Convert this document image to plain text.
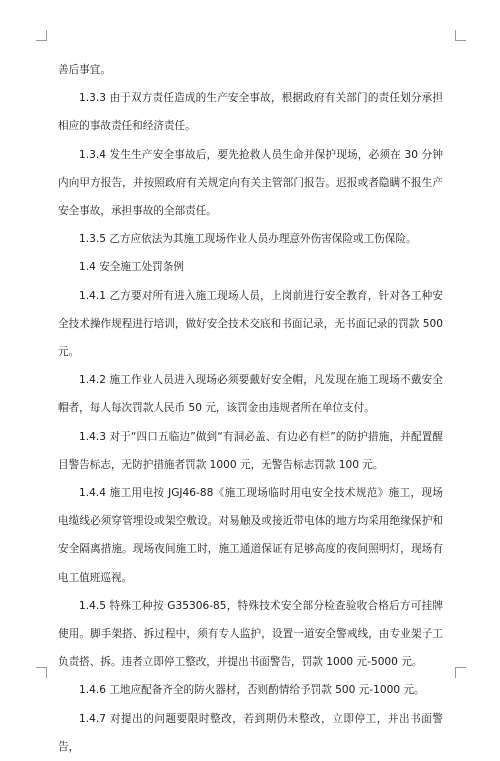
善后事宜。

1.3.3 由于双方责任造成的生产安全事故，根据政府有关部门的责任划分承担相应的事故责任和经济责任。

1.3.4 发生生产安全事故后，要先抢救人员生命并保护现场，必须在 30 分钟内向甲方报告，并按照政府有关规定向有关主管部门报告。迟报或者隐瞒不报生产安全事故，承担事故的全部责任。

1.3.5 乙方应依法为其施工现场作业人员办理意外伤害保险或工伤保险。

1.4 安全施工处罚条例

1.4.1 乙方要对所有进入施工现场人员，上岗前进行安全教育，针对各工种安全技术操作规程进行培训，做好安全技术交底和书面记录，无书面记录的罚款 500 元。

1.4.2 施工作业人员进入现场必须要戴好安全帽，凡发现在施工现场不戴安全帽者，每人每次罚款人民币 50 元，该罚金由违规者所在单位支付。

1.4.3 对于“四口五临边”做到“有洞必盖、有边必有栏”的防护措施，并配置醒目警告标志，无防护措施者罚款 1000 元，无警告标志罚款 100 元。

1.4.4 施工用电按 JGJ46-88《施工现场临时用电安全技术规范》施工，现场电缆线必须穿管埋设或架空敷设。对易触及或接近带电体的地方均采用绝缘保护和安全隔离措施。现场夜间施工时，施工通道保证有足够高度的夜间照明灯，现场有电工值班巡视。

1.4.5 特殊工种按 G35306-85，特殊技术安全部分检查验收合格后方可挂牌使用。脚手架搭、拆过程中，须有专人监护，设置一道安全警戒线，由专业架子工负责搭、拆。违者立即停工整改，并提出书面警告，罚款 1000 元-5000 元。

1.4.6 工地应配备齐全的防火器材，否则酌情给予罚款 500 元-1000 元。

1.4.7 对提出的问题要限时整改，若到期仍未整改，立即停工，并出书面警告，
